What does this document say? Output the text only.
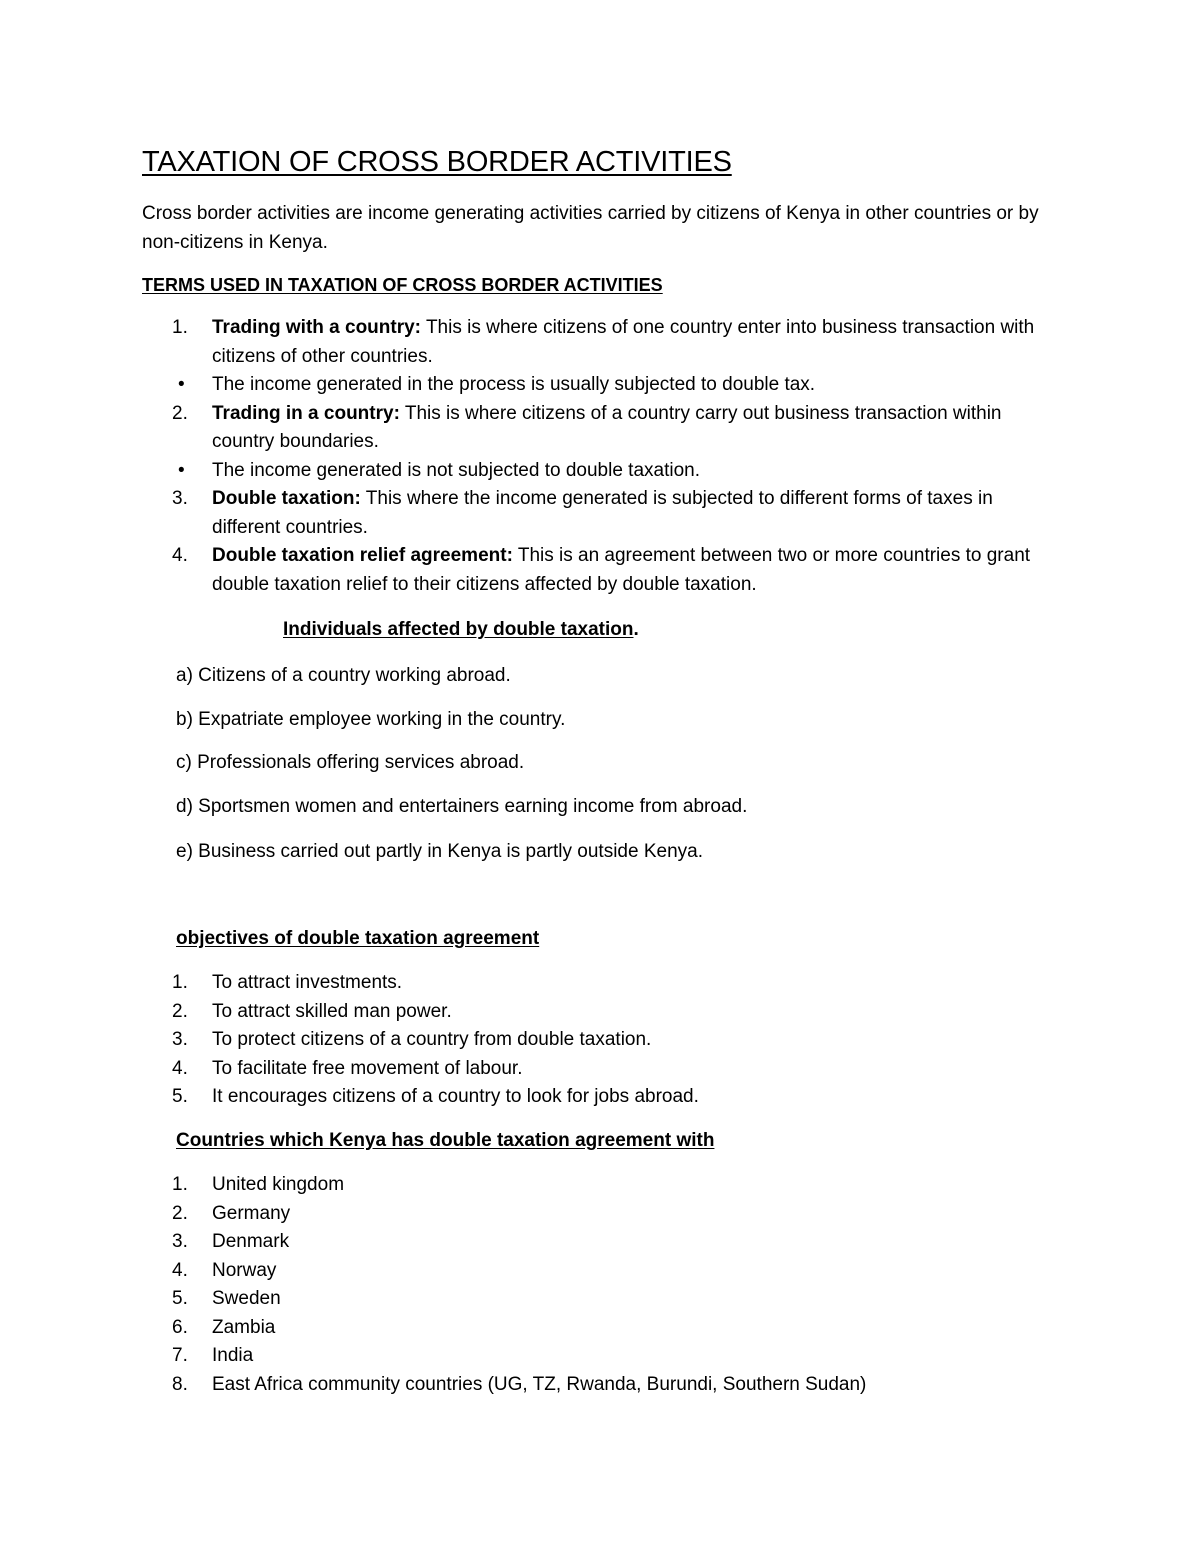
TAXATION OF CROSS BORDER ACTIVITIES

Cross border activities are income generating activities carried by citizens of Kenya in other countries or by non-citizens in Kenya.

TERMS USED IN TAXATION OF CROSS BORDER ACTIVITIES
1. Trading with a country: This is where citizens of one country enter into business transaction with citizens of other countries.
• The income generated in the process is usually subjected to double tax.
2. Trading in a country: This is where citizens of a country carry out business transaction within country boundaries.
• The income generated is not subjected to double taxation.
3. Double taxation: This where the income generated is subjected to different forms of taxes in different countries.
4. Double taxation relief agreement: This is an agreement between two or more countries to grant double taxation relief to their citizens affected by double taxation.
Individuals affected by double taxation.
a) Citizens of a country working abroad.
b) Expatriate employee working in the country.
c) Professionals offering services abroad.
d) Sportsmen women and entertainers earning income from abroad.
e) Business carried out partly in Kenya is partly outside Kenya.
objectives of double taxation agreement
1. To attract investments.
2. To attract skilled man power.
3. To protect citizens of a country from double taxation.
4. To facilitate free movement of labour.
5. It encourages citizens of a country to look for jobs abroad.
Countries which Kenya has double taxation agreement with
1. United kingdom
2. Germany
3. Denmark
4. Norway
5. Sweden
6. Zambia
7. India
8. East Africa community countries (UG, TZ, Rwanda, Burundi, Southern Sudan)
